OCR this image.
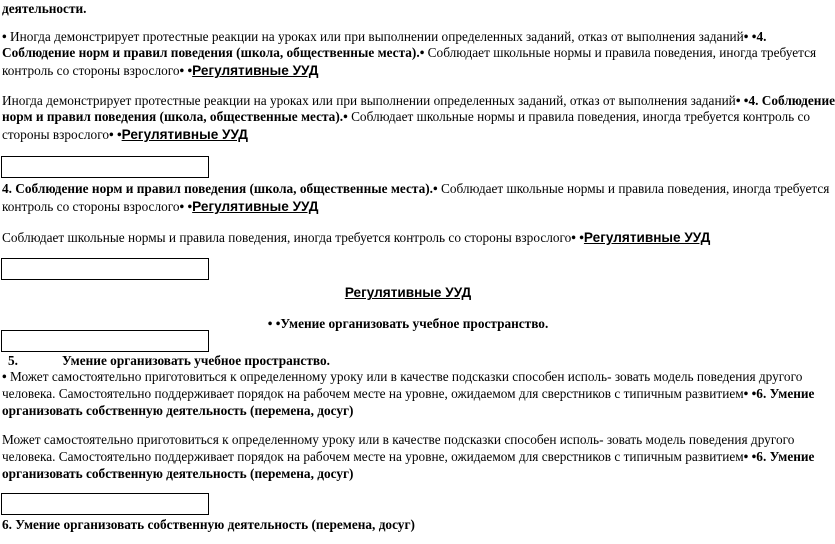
деятельности.
• Иногда демонстрирует протестные реакции на уроках или при выполнении определенных заданий, отказ от выполнения заданий• •4.
Соблюдение норм и правил поведения (школа, общественные места).• Соблюдает школьные нормы и правила поведения, иногда требуется
контроль со стороны взрослого• •Регулятивные УУД
Иногда демонстрирует протестные реакции на уроках или при выполнении определенных заданий, отказ от выполнения заданий• •4. Соблюдение
норм и правил поведения (школа, общественные места).• Соблюдает школьные нормы и правила поведения, иногда требуется контроль со
стороны взрослого• •Регулятивные УУД
4. Соблюдение норм и правил поведения (школа, общественные места).• Соблюдает школьные нормы и правила поведения, иногда требуется
контроль со стороны взрослого• •Регулятивные УУД
Соблюдает школьные нормы и правила поведения, иногда требуется контроль со стороны взрослого• •Регулятивные УУД
Регулятивные УУД
• •Умение организовать учебное пространство.
5.	Умение организовать учебное пространство.
• Может самостоятельно приготовиться к определенному уроку или в качестве подсказки способен исполь- зовать модель поведения другого
человека. Самостоятельно поддерживает порядок на рабочем месте на уровне, ожидаемом для сверстников с типичным развитием• •6. Умение
организовать собственную деятельность (перемена, досуг)
Может самостоятельно приготовиться к определенному уроку или в качестве подсказки способен исполь- зовать модель поведения другого
человека. Самостоятельно поддерживает порядок на рабочем месте на уровне, ожидаемом для сверстников с типичным развитием• •6. Умение
организовать собственную деятельность (перемена, досуг)
6. Умение организовать собственную деятельность (перемена, досуг)
